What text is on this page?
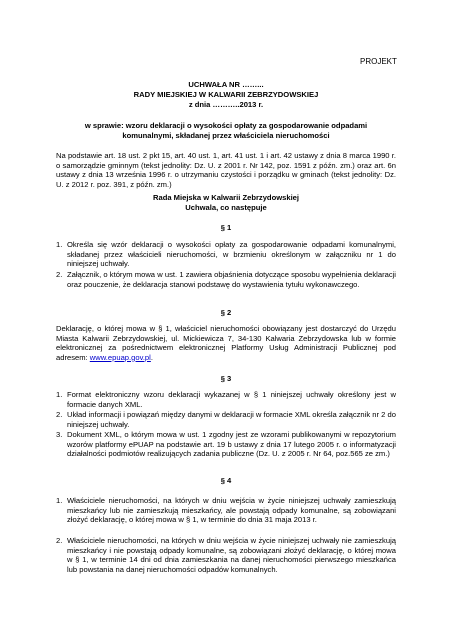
PROJEKT

UCHWAŁA NR ……...

RADY MIEJSKIEJ W KALWARII ZEBRZYDOWSKIEJ

z dnia ………..2013 r.

w sprawie: wzoru deklaracji o wysokości opłaty za gospodarowanie odpadami

komunalnymi, składanej przez właściciela nieruchomości

Na podstawie art. 18 ust. 2 pkt 15, art. 40 ust. 1, art. 41 ust. 1 i art. 42 ustawy z dnia 8 marca 1990 r. o samorządzie gminnym (tekst jednolity: Dz. U. z 2001 r. Nr 142, poz. 1591 z późn. zm.) oraz art. 6n ustawy z dnia 13 września 1996 r. o utrzymaniu czystości i porządku w gminach (tekst jednolity: Dz. U. z 2012 r. poz. 391, z późn. zm.)

Rada Miejska w Kalwarii Zebrzydowskiej

Uchwala, co następuje

§ 1

1. Określa się wzór deklaracji o wysokości opłaty za gospodarowanie odpadami komunalnymi, składanej przez właścicieli nieruchomości, w brzmieniu określonym w załączniku nr 1 do niniejszej uchwały.

2. Załącznik, o którym mowa w ust. 1 zawiera objaśnienia dotyczące sposobu wypełnienia deklaracji oraz pouczenie, że deklaracja stanowi podstawę do wystawienia tytułu wykonawczego.

§ 2

Deklarację, o której mowa w § 1, właściciel nieruchomości obowiązany jest dostarczyć do Urzędu Miasta Kalwarii Zebrzydowskiej, ul. Mickiewicza 7, 34-130 Kalwaria Zebrzydowska lub w formie elektronicznej za pośrednictwem elektronicznej Platformy Usług Administracji Publicznej pod adresem: www.epuap.gov.pl.

§ 3

1. Format elektroniczny wzoru deklaracji wykazanej w § 1 niniejszej uchwały określony jest w formacie danych XML.

2. Układ informacji i powiązań między danymi w deklaracji w formacie XML określa załącznik nr 2 do niniejszej uchwały.

3. Dokument XML, o którym mowa w ust. 1 zgodny jest ze wzorami publikowanymi w repozytorium wzorów platformy ePUAP na podstawie art. 19 b ustawy z dnia 17 lutego 2005 r. o informatyzacji działalności podmiotów realizujących zadania publiczne (Dz. U. z 2005 r. Nr 64, poz.565 ze zm.)

§ 4

1. Właściciele nieruchomości, na których w dniu wejścia w życie niniejszej uchwały zamieszkują mieszkańcy lub nie zamieszkują mieszkańcy, ale powstają odpady komunalne, są zobowiązani złożyć deklarację, o której mowa w § 1, w terminie do dnia 31 maja 2013 r.

2. Właściciele nieruchomości, na których w dniu wejścia w życie niniejszej uchwały nie zamieszkują mieszkańcy i nie powstają odpady komunalne, są zobowiązani złożyć deklarację, o której mowa w § 1, w terminie 14 dni od dnia zamieszkania na danej nieruchomości pierwszego mieszkańca lub powstania na danej nieruchomości odpadów komunalnych.
